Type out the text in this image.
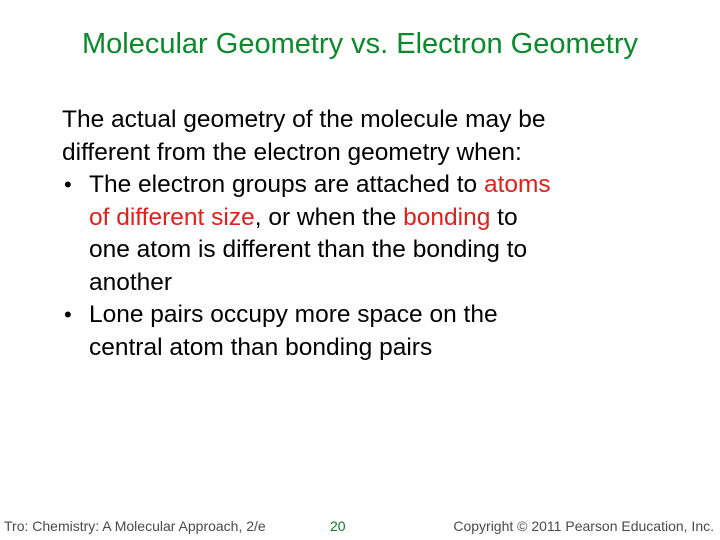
Molecular Geometry vs. Electron Geometry

The actual geometry of the molecule may be
different from the electron geometry when:

• The electron groups are attached to atoms
of different size, or when the bonding to
one atom is different than the bonding to
another
• Lone pairs occupy more space on the
central atom than bonding pairs
Tro: Chemistry: A Molecular Approach, 2/e	20	Copyright © 2011 Pearson Education, Inc.
